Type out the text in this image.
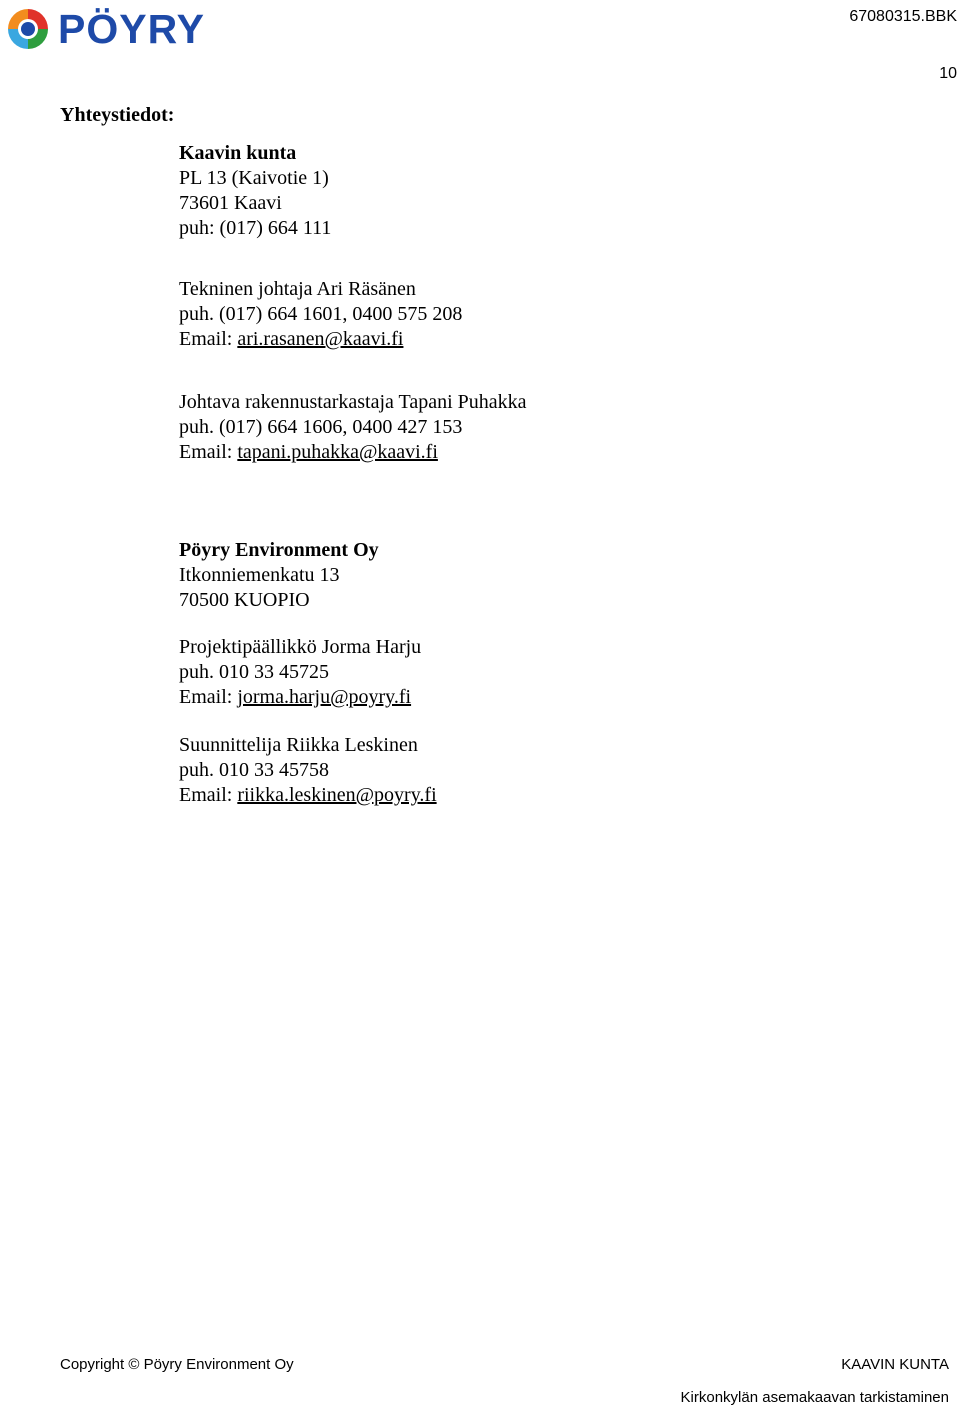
PÖYRY	67080315.BBK
10
Yhteystiedot:
Kaavin kunta
PL 13 (Kaivotie 1)
73601 Kaavi
puh: (017) 664 111
Tekninen johtaja Ari Räsänen
puh. (017) 664 1601, 0400 575 208
Email: ari.rasanen@kaavi.fi
Johtava rakennustarkastaja Tapani Puhakka
puh. (017) 664 1606, 0400 427 153
Email: tapani.puhakka@kaavi.fi
Pöyry Environment Oy
Itkonniemenkatu 13
70500 KUOPIO
Projektipäällikkö Jorma Harju
puh. 010 33 45725
Email: jorma.harju@poyry.fi
Suunnittelija Riikka Leskinen
puh. 010 33 45758
Email: riikka.leskinen@poyry.fi
Copyright © Pöyry Environment Oy	KAAVIN KUNTA
Kirkonkylän asemakaavan tarkistaminen
